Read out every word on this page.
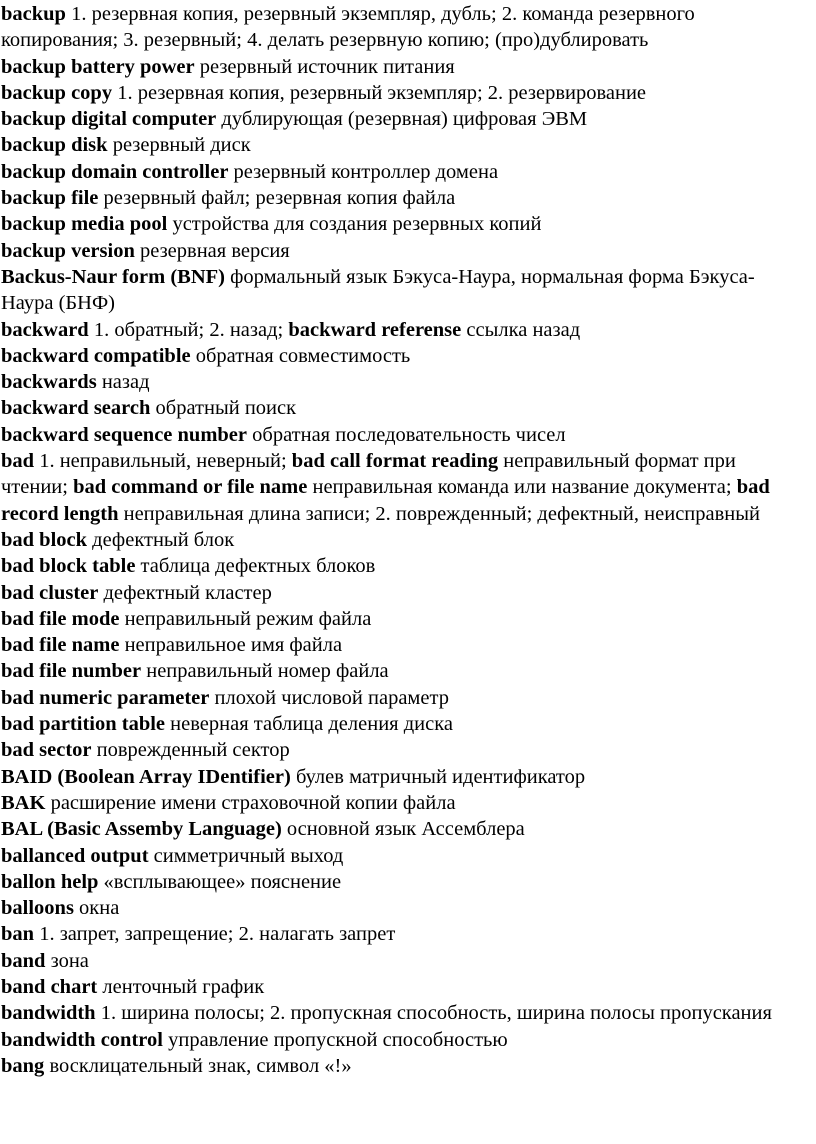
backup 1. резервная копия, резервный экземпляр, дубль; 2. команда резервного копирования; 3. резервный; 4. делать резервную копию; (про)дублировать

backup battery power резервный источник питания

backup copy 1. резервная копия, резервный экземпляр; 2. резервирование

backup digital computer дублирующая (резервная) цифровая ЭВМ

backup disk резервный диск

backup domain controller резервный контроллер домена

backup file резервный файл; резервная копия файла

backup media pool устройства для создания резервных копий

backup version резервная версия

Backus-Naur form (BNF) формальный язык Бэкуса-Наура, нормальная форма Бэкуса-Наура (БНФ)

backward 1. обратный; 2. назад; backward referense ссылка назад

backward compatible обратная совместимость

backwards назад

backward search обратный поиск

backward sequence number обратная последовательность чисел

bad 1. неправильный, неверный; bad call format reading неправильный формат при чтении; bad command or file name неправильная команда или название документа; bad record length неправильная длина записи; 2. поврежденный; дефектный, неисправный

bad block дефектный блок

bad block table таблица дефектных блоков

bad cluster дефектный кластер

bad file mode неправильный режим файла

bad file name неправильное имя файла

bad file number неправильный номер файла

bad numeric parameter плохой числовой параметр

bad partition table неверная таблица деления диска

bad sector поврежденный сектор

BAID (Boolean Array IDentifier) булев матричный идентификатор

BAK расширение имени страховочной копии файла

BAL (Basic Assemby Language) основной язык Ассемблера

ballanced output симметричный выход

ballon help «всплывающее» пояснение

balloons окна

ban 1. запрет, запрещение; 2. налагать запрет

band зона

band chart ленточный график

bandwidth 1. ширина полосы; 2. пропускная способность, ширина полосы пропускания

bandwidth control управление пропускной способностью

bang восклицательный знак, символ «!»
